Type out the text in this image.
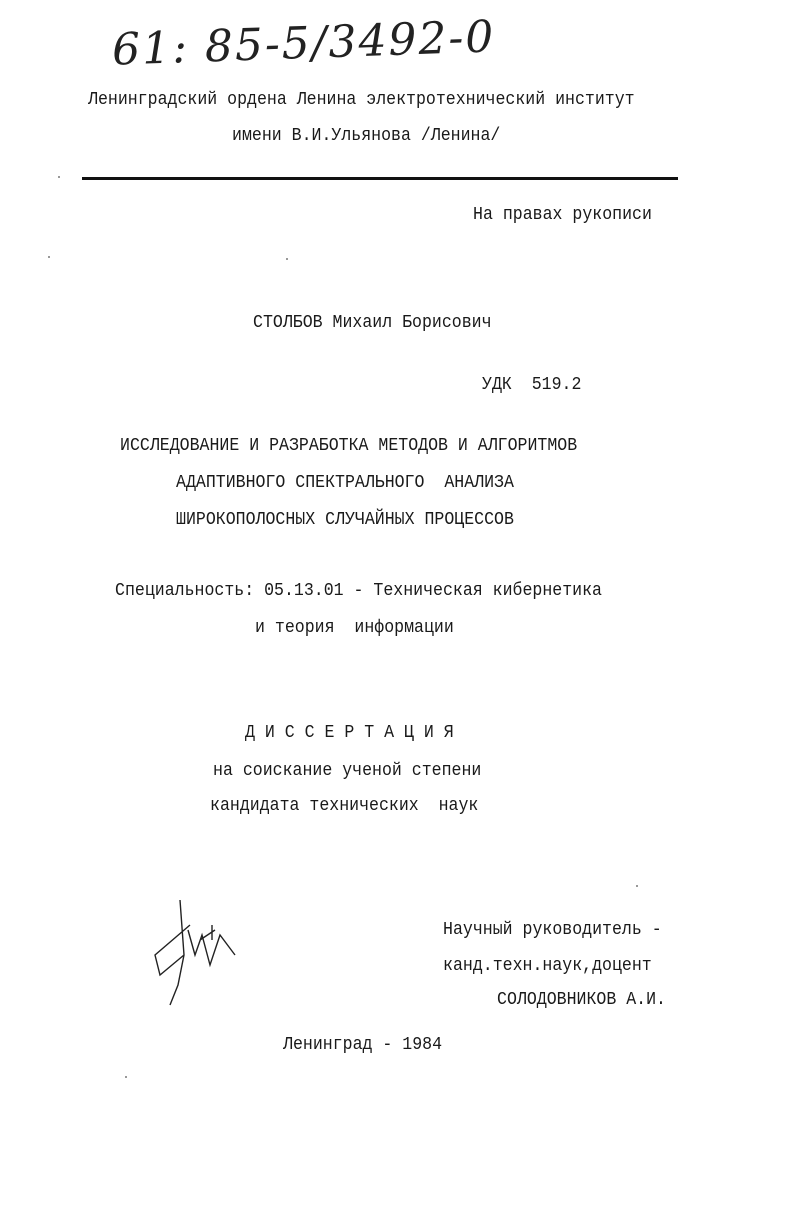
61: 85-5/3492-0
Ленинградский ордена Ленина электротехнический институт
имени В.И.Ульянова /Ленина/
На правах рукописи
СТОЛБОВ Михаил Борисович
УДК  519.2
ИССЛЕДОВАНИЕ И РАЗРАБОТКА МЕТОДОВ И АЛГОРИТМОВ
АДАПТИВНОГО СПЕКТРАЛЬНОГО  АНАЛИЗА
ШИРОКОПОЛОСНЫХ СЛУЧАЙНЫХ ПРОЦЕССОВ
Специальность: 05.13.01 - Техническая кибернетика
и теория  информации
Д И С С Е Р Т А Ц И Я
на соискание ученой степени
кандидата технических  наук
Научный руководитель -
канд.техн.наук,доцент
СОЛОДОВНИКОВ А.И.
Ленинград - 1984
